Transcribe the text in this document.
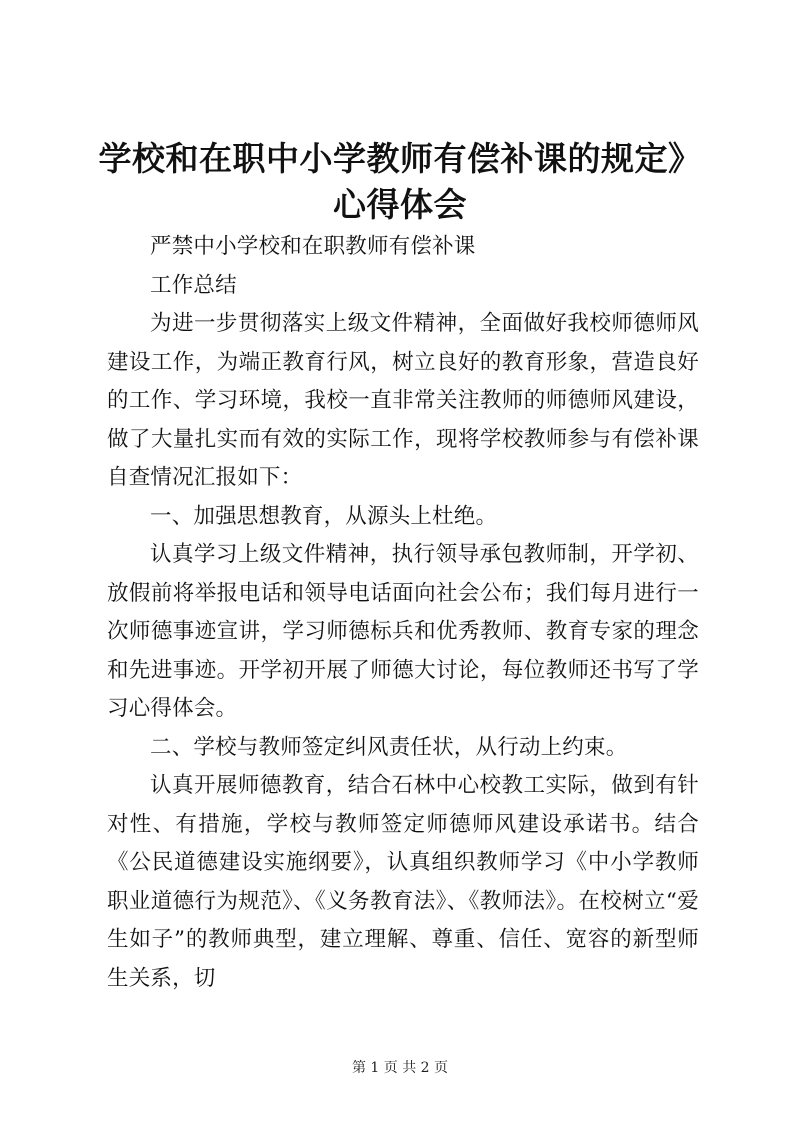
学校和在职中小学教师有偿补课的规定》心得体会

严禁中小学校和在职教师有偿补课

工作总结

为进一步贯彻落实上级文件精神，全面做好我校师德师风建设工作，为端正教育行风，树立良好的教育形象，营造良好的工作、学习环境，我校一直非常关注教师的师德师风建设，做了大量扎实而有效的实际工作，现将学校教师参与有偿补课自查情况汇报如下：

一、加强思想教育，从源头上杜绝。

认真学习上级文件精神，执行领导承包教师制，开学初、放假前将举报电话和领导电话面向社会公布；我们每月进行一次师德事迹宣讲，学习师德标兵和优秀教师、教育专家的理念和先进事迹。开学初开展了师德大讨论，每位教师还书写了学习心得体会。

二、学校与教师签定纠风责任状，从行动上约束。

认真开展师德教育，结合石林中心校教工实际，做到有针对性、有措施，学校与教师签定师德师风建设承诺书。结合《公民道德建设实施纲要》，认真组织教师学习《中小学教师职业道德行为规范》、《义务教育法》、《教师法》。在校树立“爱生如子”的教师典型，建立理解、尊重、信任、宽容的新型师生关系，切

第 1 页 共 2 页
